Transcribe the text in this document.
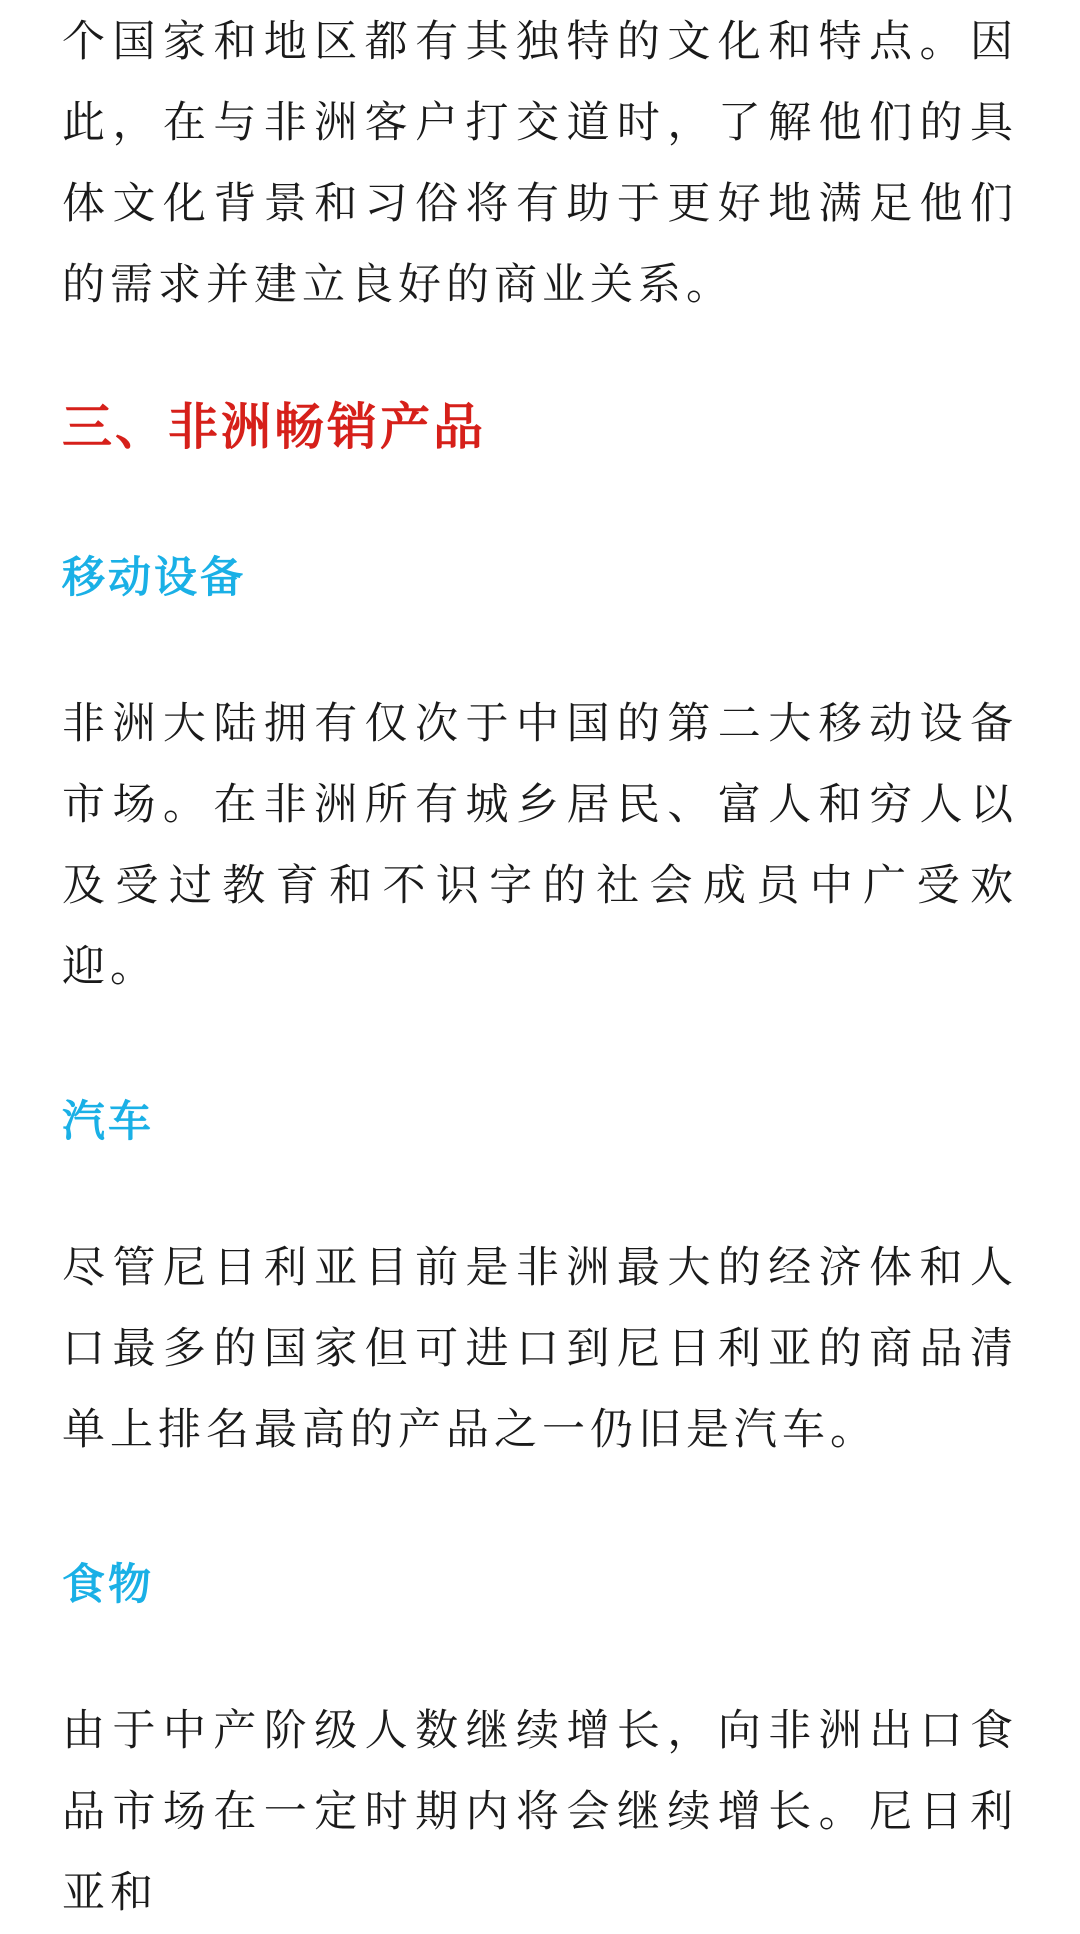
个国家和地区都有其独特的文化和特点。因此，在与非洲客户打交道时，了解他们的具体文化背景和习俗将有助于更好地满足他们的需求并建立良好的商业关系。

三、非洲畅销产品
移动设备

非洲大陆拥有仅次于中国的第二大移动设备市场。在非洲所有城乡居民、富人和穷人以及受过教育和不识字的社会成员中广受欢迎。

汽车

尽管尼日利亚目前是非洲最大的经济体和人口最多的国家但可进口到尼日利亚的商品清单上排名最高的产品之一仍旧是汽车。

食物

由于中产阶级人数继续增长，向非洲出口食品市场在一定时期内将会继续增长。尼日利亚和
